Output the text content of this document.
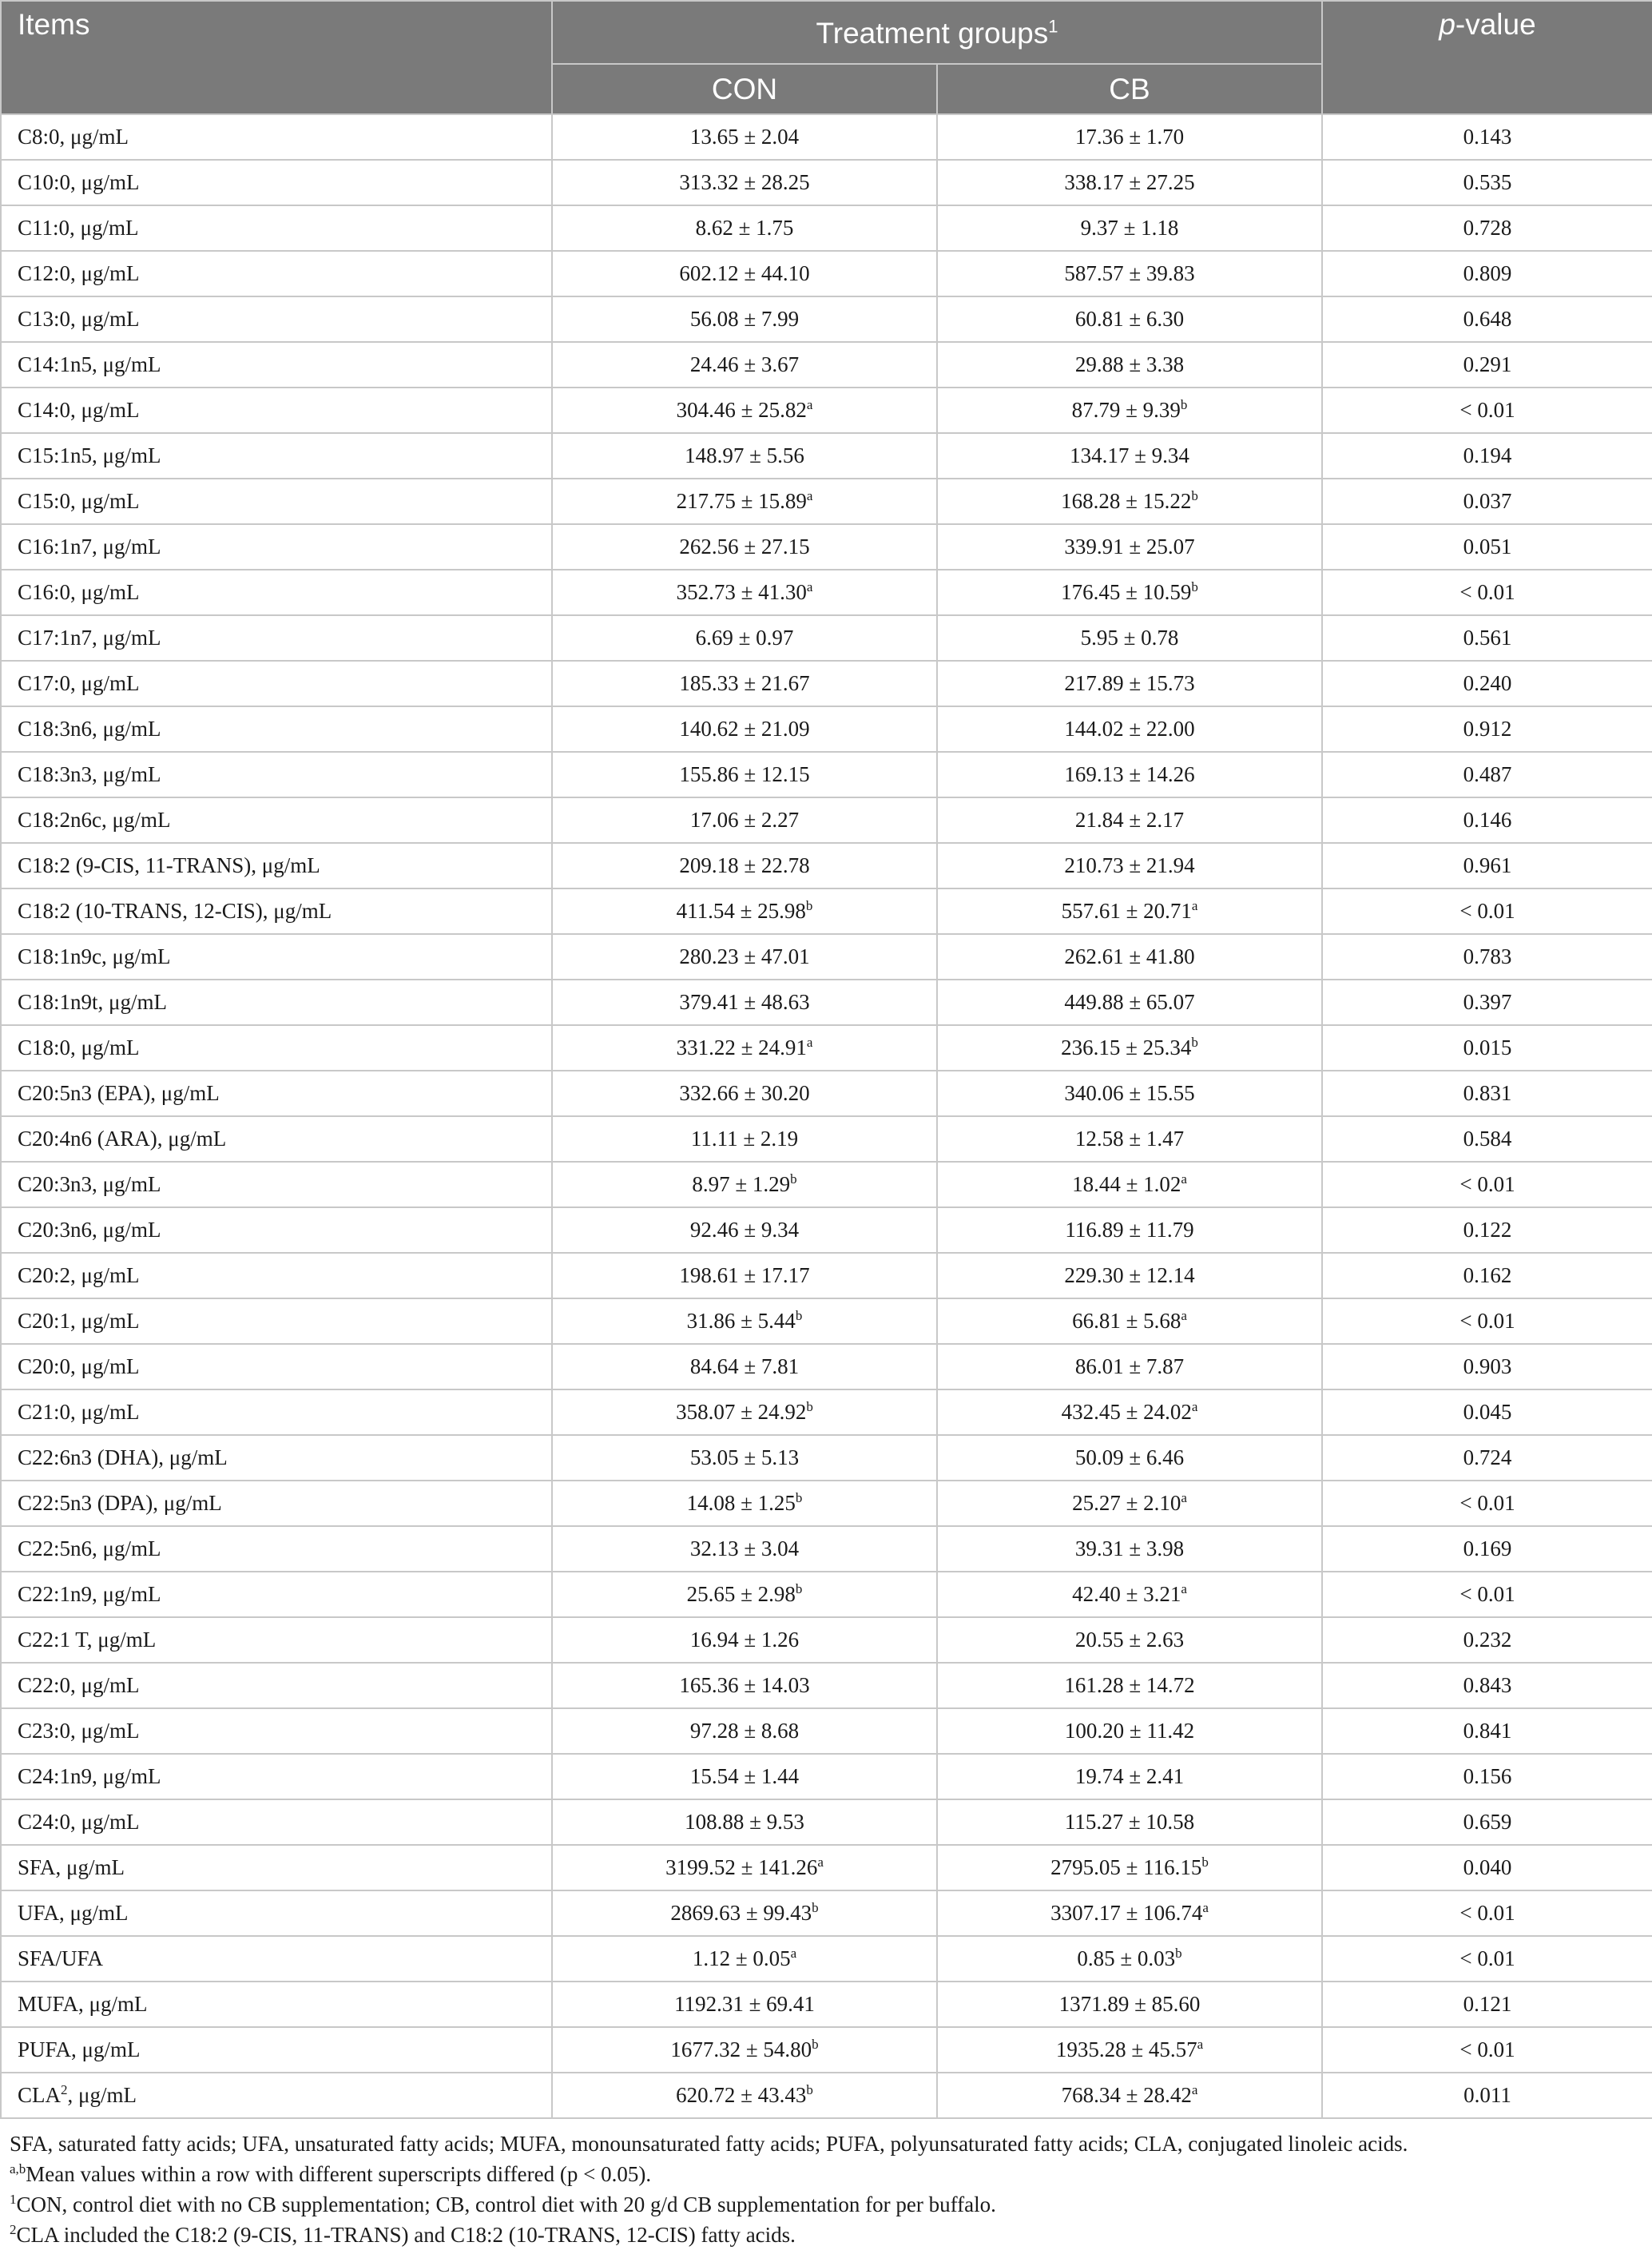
Items	Treatment groups$^1$		p-value
	CON	CB	
C8:0, μg/mL	13.65 ± 2.04	17.36 ± 1.70	0.143
C10:0, μg/mL	313.32 ± 28.25	338.17 ± 27.25	0.535
C11:0, μg/mL	8.62 ± 1.75	9.37 ± 1.18	0.728
C12:0, μg/mL	602.12 ± 44.10	587.57 ± 39.83	0.809
C13:0, μg/mL	56.08 ± 7.99	60.81 ± 6.30	0.648
C14:1n5, μg/mL	24.46 ± 3.67	29.88 ± 3.38	0.291
C14:0, μg/mL	304.46 ± 25.82$^a$	87.79 ± 9.39$^b$	< 0.01
C15:1n5, μg/mL	148.97 ± 5.56	134.17 ± 9.34	0.194
C15:0, μg/mL	217.75 ± 15.89$^a$	168.28 ± 15.22$^b$	0.037
C16:1n7, μg/mL	262.56 ± 27.15	339.91 ± 25.07	0.051
C16:0, μg/mL	352.73 ± 41.30$^a$	176.45 ± 10.59$^b$	< 0.01
C17:1n7, μg/mL	6.69 ± 0.97	5.95 ± 0.78	0.561
C17:0, μg/mL	185.33 ± 21.67	217.89 ± 15.73	0.240
C18:3n6, μg/mL	140.62 ± 21.09	144.02 ± 22.00	0.912
C18:3n3, μg/mL	155.86 ± 12.15	169.13 ± 14.26	0.487
C18:2n6c, μg/mL	17.06 ± 2.27	21.84 ± 2.17	0.146
C18:2 (9-CIS, 11-TRANS), μg/mL	209.18 ± 22.78	210.73 ± 21.94	0.961
C18:2 (10-TRANS, 12-CIS), μg/mL	411.54 ± 25.98$^b$	557.61 ± 20.71$^a$	< 0.01
C18:1n9c, μg/mL	280.23 ± 47.01	262.61 ± 41.80	0.783
C18:1n9t, μg/mL	379.41 ± 48.63	449.88 ± 65.07	0.397
C18:0, μg/mL	331.22 ± 24.91$^a$	236.15 ± 25.34$^b$	0.015
C20:5n3 (EPA), μg/mL	332.66 ± 30.20	340.06 ± 15.55	0.831
C20:4n6 (ARA), μg/mL	11.11 ± 2.19	12.58 ± 1.47	0.584
C20:3n3, μg/mL	8.97 ± 1.29$^b$	18.44 ± 1.02$^a$	< 0.01
C20:3n6, μg/mL	92.46 ± 9.34	116.89 ± 11.79	0.122
C20:2, μg/mL	198.61 ± 17.17	229.30 ± 12.14	0.162
C20:1, μg/mL	31.86 ± 5.44$^b$	66.81 ± 5.68$^a$	< 0.01
C20:0, μg/mL	84.64 ± 7.81	86.01 ± 7.87	0.903
C21:0, μg/mL	358.07 ± 24.92$^b$	432.45 ± 24.02$^a$	0.045
C22:6n3 (DHA), μg/mL	53.05 ± 5.13	50.09 ± 6.46	0.724
C22:5n3 (DPA), μg/mL	14.08 ± 1.25$^b$	25.27 ± 2.10$^a$	< 0.01
C22:5n6, μg/mL	32.13 ± 3.04	39.31 ± 3.98	0.169
C22:1n9, μg/mL	25.65 ± 2.98$^b$	42.40 ± 3.21$^a$	< 0.01
C22:1 T, μg/mL	16.94 ± 1.26	20.55 ± 2.63	0.232
C22:0, μg/mL	165.36 ± 14.03	161.28 ± 14.72	0.843
C23:0, μg/mL	97.28 ± 8.68	100.20 ± 11.42	0.841
C24:1n9, μg/mL	15.54 ± 1.44	19.74 ± 2.41	0.156
C24:0, μg/mL	108.88 ± 9.53	115.27 ± 10.58	0.659
SFA, μg/mL	3199.52 ± 141.26$^a$	2795.05 ± 116.15$^b$	0.040
UFA, μg/mL	2869.63 ± 99.43$^b$	3307.17 ± 106.74$^a$	< 0.01
SFA/UFA	1.12 ± 0.05$^a$	0.85 ± 0.03$^b$	< 0.01
MUFA, μg/mL	1192.31 ± 69.41	1371.89 ± 85.60	0.121
PUFA, μg/mL	1677.32 ± 54.80$^b$	1935.28 ± 45.57$^a$	< 0.01
CLA$^2$, μg/mL	620.72 ± 43.43$^b$	768.34 ± 28.42$^a$	0.011
SFA, saturated fatty acids; UFA, unsaturated fatty acids; MUFA, monounsaturated fatty acids; PUFA, polyunsaturated fatty acids; CLA, conjugated linoleic acids.
$^{a,b}$Mean values within a row with different superscripts differed (p < 0.05).
$^1$CON, control diet with no CB supplementation; CB, control diet with 20 g/d CB supplementation for per buffalo.
$^2$CLA included the C18:2 (9-CIS, 11-TRANS) and C18:2 (10-TRANS, 12-CIS) fatty acids.
